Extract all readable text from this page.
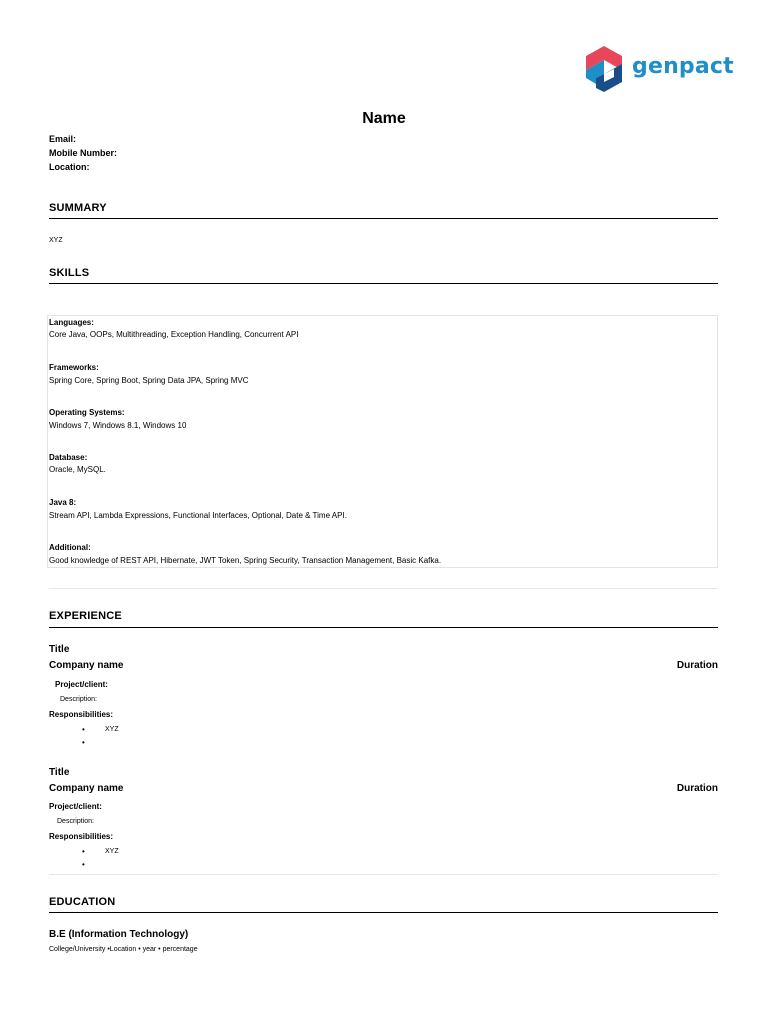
genpact
Name
Email:
Mobile Number:
Location:
SUMMARY
XYZ
SKILLS
Languages:
Core Java, OOPs, Multithreading, Exception Handling, Concurrent API
Frameworks:
Spring Core, Spring Boot, Spring Data JPA, Spring MVC
Operating Systems:
Windows 7, Windows 8.1, Windows 10
Database:
Oracle, MySQL.
Java 8:
Stream API, Lambda Expressions, Functional Interfaces, Optional, Date & Time API.
Additional:
Good knowledge of REST API, Hibernate, JWT Token, Spring Security, Transaction Management, Basic Kafka.
EXPERIENCE
Title
Company name	Duration
Project/client:
Description:
Responsibilities:
•	XYZ
•
Title
Company name	Duration
Project/client:
Description:
Responsibilities:
•	XYZ
•
EDUCATION
B.E (Information Technology)
College/University •Location • year • percentage
